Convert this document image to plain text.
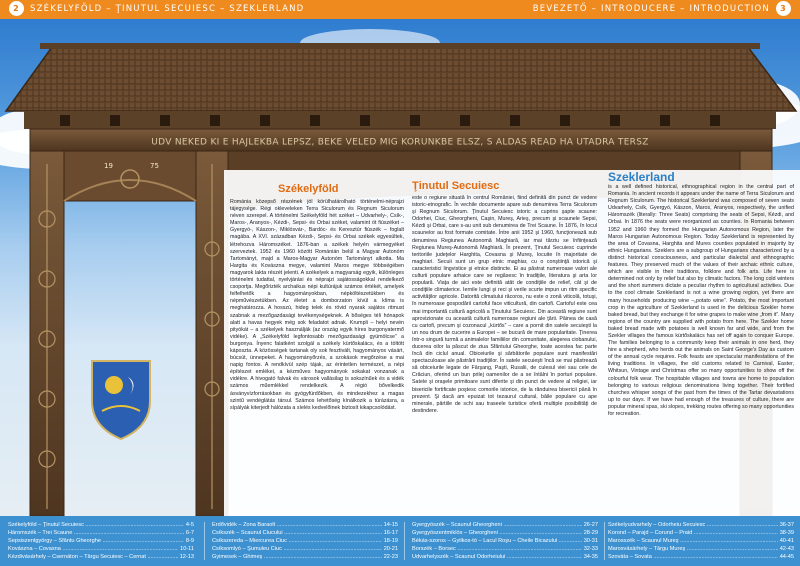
2	SZÉKELYFÖLD – ŢINUTUL SECUIESC – SZEKLERLAND	BEVEZETŐ – INTRODUCERE – INTRODUCTION	3
UDV NEKED KI E HAJLEKBA LEPSZ, BEKE VELED MIG KORUNKBE ELSZ, S ALDAS READ HA UTADRA TERSZ
19	75
Székelyföld
Románia közepső részének jól körülhatárolható történelmi-néprajzi tájegysége. Régi okleveleken Terra Siculorum és Regnum Siculorum néven szerepel. A történelmi Székelyföld hét széket – Udvarhely-, Csík-, Maros-, Aranyos-, Kézdi-, Sepsi- és Orbai széket, valamint öt fiúszéket – Gyergyó-, Kászon-, Miklósvár-, Bardóc- és Keresztúr fiúszék – foglalt magába. A XVI. században Kézdi-, Sepsi- és Orbai székek egyesültek, létrehozva Háromszéket. 1876-ban a székek helyén vármegyéket szerveztek. 1952 és 1960 között Románián belül a Magyar Autonóm Tartományt, majd a Maros-Magyar Autonóm Tartományt alkotta. Ma Hargita és Kovászna megye, valamint Maros megye többségében magyarok lakta részét jelenti. A székelyek a magyarság egyik, különleges történelmi tudattal, nyelvjárási és néprajzi sajátosságokkal rendelkező csoportja. Megőrizték archaikus népi kultúrájuk számos értékét, amelyek felfelhetők a hagyományokban, népköltészetükben és népművészetükben. Az életet a domborzaton kívül a klíma is meghatározza. A hosszú, hideg telek és rövid nyarak sajátos ritmust szabnak a mezőgazdasági tevékenységeknek. A bőséges téli hónapok alatt a havas hegyek még sok feladatot adnak. Krumpli – helyi nevén pityókát – a székelyek használják (az ország egyik híres burgonyatermő vidéke). A „Székelyföld legfontosabb mezőgazdasági gyümölcse” a burgonya. Ínyenc falatként szolgál a székely kürtőskalács, és a töltött káposzta. A közösségek tartanak oly sok fesztivált, hagyományos vásárt, búcsút, ünnepeket. A hagyományőrzés, a szokások megőrzése a mai napig fontos. A rendkívül szép tájak, az érintetlen természet, a népi építészet emlékei, a kézműves hagyományok sokakat vonzanak a vidékre. A hivogató falvak és városok vallásilag is sokszínűek és a vidék számos műemlékkel rendelkezik. A régió bővelkedik ásványvízforrásokban és gyógyfürdőkben, és mindezekhez a magas szintű vendéglátás társul. Számos lehetőség kínálkozik a túrázásra, a sípályák kiterjedt hálózata a síelés kedvelőinek biztosít kikapcsolódást.
Ţinutul Secuiesc
este o regiune situată în centrul României, fiind definită din punct de vedere istoric-etnografic. În vechile documente apare sub denumirea Terra Siculorum şi Regnum Siculorum. Ţinutul Secuiesc istoric a cuprins şapte scaune: Odorhei, Ciuc, Gheorgheni, Caşin, Mureş, Arieş, precum şi scaunele Sepsi, Kézdi şi Orbai, care s-au unit sub denumirea de Trei Scaune. În 1876, în locul scaunelor au fost formate comitate. Între anii 1952 şi 1960, funcţionează sub denumirea Regiunea Autonomă Maghiară, iar mai târziu se înfiinţează Regiunea Mureş-Autonomă Maghiară. În prezent, Ţinutul Secuiesc cuprinde teritoriile judeţelor Harghita, Covasna şi Mureş, locuite în majoritate de maghiari. Secuii sunt un grup etnic maghiar, cu o conştiinţă istorică şi caracteristici lingvistice şi etnice distincte. Ei au păstrat numeroase valori ale culturii populare arhaice care se regăsesc în tradiţiile, literatura şi arta lor populară. Viaţa de aici este definită atât de condiţiile de relief, cât şi de condiţiile climaterice. Iernile lungi şi reci şi verile scurte impun un ritm specific activităţilor agricole. Datorită climatului răcoros, nu este o zonă viticolă, totuşi, în numeroase gospodării cartoful face viticultură, din cartofi. Cartoful este cea mai importantă cultură agricolă a Ţinutului Secuiesc. Din această regiune sunt aprovizionate cu această cultură numeroase regiuni ale ţării. Pâinea de casă cu cartofi, precum şi cozonacul „kürtős” – care a pornit din satele secuieşti la un nou drum de cucerire a Europei – se bucură de mare popularitate. Ţinerea într-o singură turmă a animalelor familiilor din comunitate, alegerea ciobanului, ducerea oilor la păscut de ziua Sfântului Gheorghe, toate acestea fac parte încă din ciclul anual. Obiceiurile şi sărbătorile populare sunt manifestări spectaculoase ale păstrării tradiţiilor. În satele secuieşti încă se mai păstrează să obiceiurile legate de Fărşang, Paşti, Rusalii, de culesul viei sau cele de Crăciun, oferind un bun prilej oamenilor de a se întâlni în porturi populare. Satele şi oraşele primitoare sunt diferite şi din punct de vedere al religiei, iar bisericile fortificate poştesc comorile istorice, de la rânduirea bisericii până în prezent. Şi dacă am epuizat tot tezaurul cultural, băile populare cu ape minerale, pârtiile de schi sau traseele turistice oferă multiple posibilităţi de destindere.
Szeklerland
is a well defined historical, ethnographical region in the central part of Romania. In ancient records it appears under the name of Terra Siculorum and Regnum Siculorum. The historical Szeklerland was composed of seven seats Udvarhely, Csík, Gyergyó, Kászon, Maros, Aranyos, respectively, the unified Háromszék (literally: Three Seats) comprising the seats of Sepsi, Kézdi, and Orbai. In 1876 the seats were reorganized as counties. In Romania between 1952 and 1960 they formed the Hungarian Autonomous Region, later the Maros Hungarian Autonomous Region. Today Szeklerland is represented by the area of Covasna, Harghita and Mures counties populated in majority by ethnic Hungarians. Szeklers are a subgroup of Hungarians characterized by a distinct historical consciousness, and particular dialectal and ethnographic features. They preserved much of the values of their archaic ethnic culture, which are visible in their traditions, folklore and folk arts. Life here is determined not only by relief but also by climatic factors. The long cold winters and the short summers dictate a peculiar rhythm to agricultural activities. Due to the cool climate Szeklerland is not a wine growing region, yet there are many households producing wine –„potato wine”. Potato, the most important crop in the agriculture of Szeklerland is used in the delicious Szekler home baked bread, but they exchange it for wine grapes to make wine „from it”. Many regions of the country are supplied with potato from here. The Szekler home baked bread made with potatoes is well known far and wide, and from the Szekler villages the famous kürtőskalács has set off again to conquer Europe. The families belonging to a community keep their animals in one herd, they hire a shepherd, who herds out the animals on Saint George's Day as custom of the annual cycle requires. Folk feasts are spectacular manifestations of the living traditions. In villages, the old customs related to Carnival, Easter, Whitsun, Vintage and Christmas offer so many opportunities to show off the colourful folk wear. The hospitable villages and towns are home to population belonging to various religious denominations living together. Their fortified churches whisper songs of the past from the times of the Tartar devastations up to our days. If we have had enough of the treasures of culture, there are popular mineral spas, ski slopes, trekking routes offering so many opportunities for recreation.
Székelyföld – Ţinutul Secuiesc .....	4-5
Háromszék – Trei Scaune .....	6-7
Sepsiszentgyörgy – Sfântu Gheorghe .....	8-9
Kovászna – Covasna .....	10-11
Kézdivásárhely – Csernáton – Târgu Secuiesc – Cernat .....	12-13
Erdővidék – Zona Baraolt .....	14-15
Csíkszék – Scaunul Ciucului .....	16-17
Csíkszereda – Miercurea Ciuc .....	18-19
Csíksomlyó – Şumuleu Ciuc .....	20-21
Gyimesek – Ghimeş .....	22-23
Gyergyószék – Scaunul Gheorgheni .....	26-27
Gyergyószentmiklós – Gheorgheni .....	28-29
Békás-szoros – Gyilkos-tó – Lacul Roşu – Cheile Bicazului .....	30-31
Borszék – Borsec .....	32-33
Udvarhelyszék – Scaunul Odorheiului .....	34-35
Székelyudvarhely – Odorheiu Secuiesc .....	36-37
Korond – Parajd – Corund – Praid .....	38-39
Marosszék – Scaunul Mureş .....	40-41
Marosvásárhely – Târgu Mureş .....	42-43
Szováta – Sovata .....	44-45
